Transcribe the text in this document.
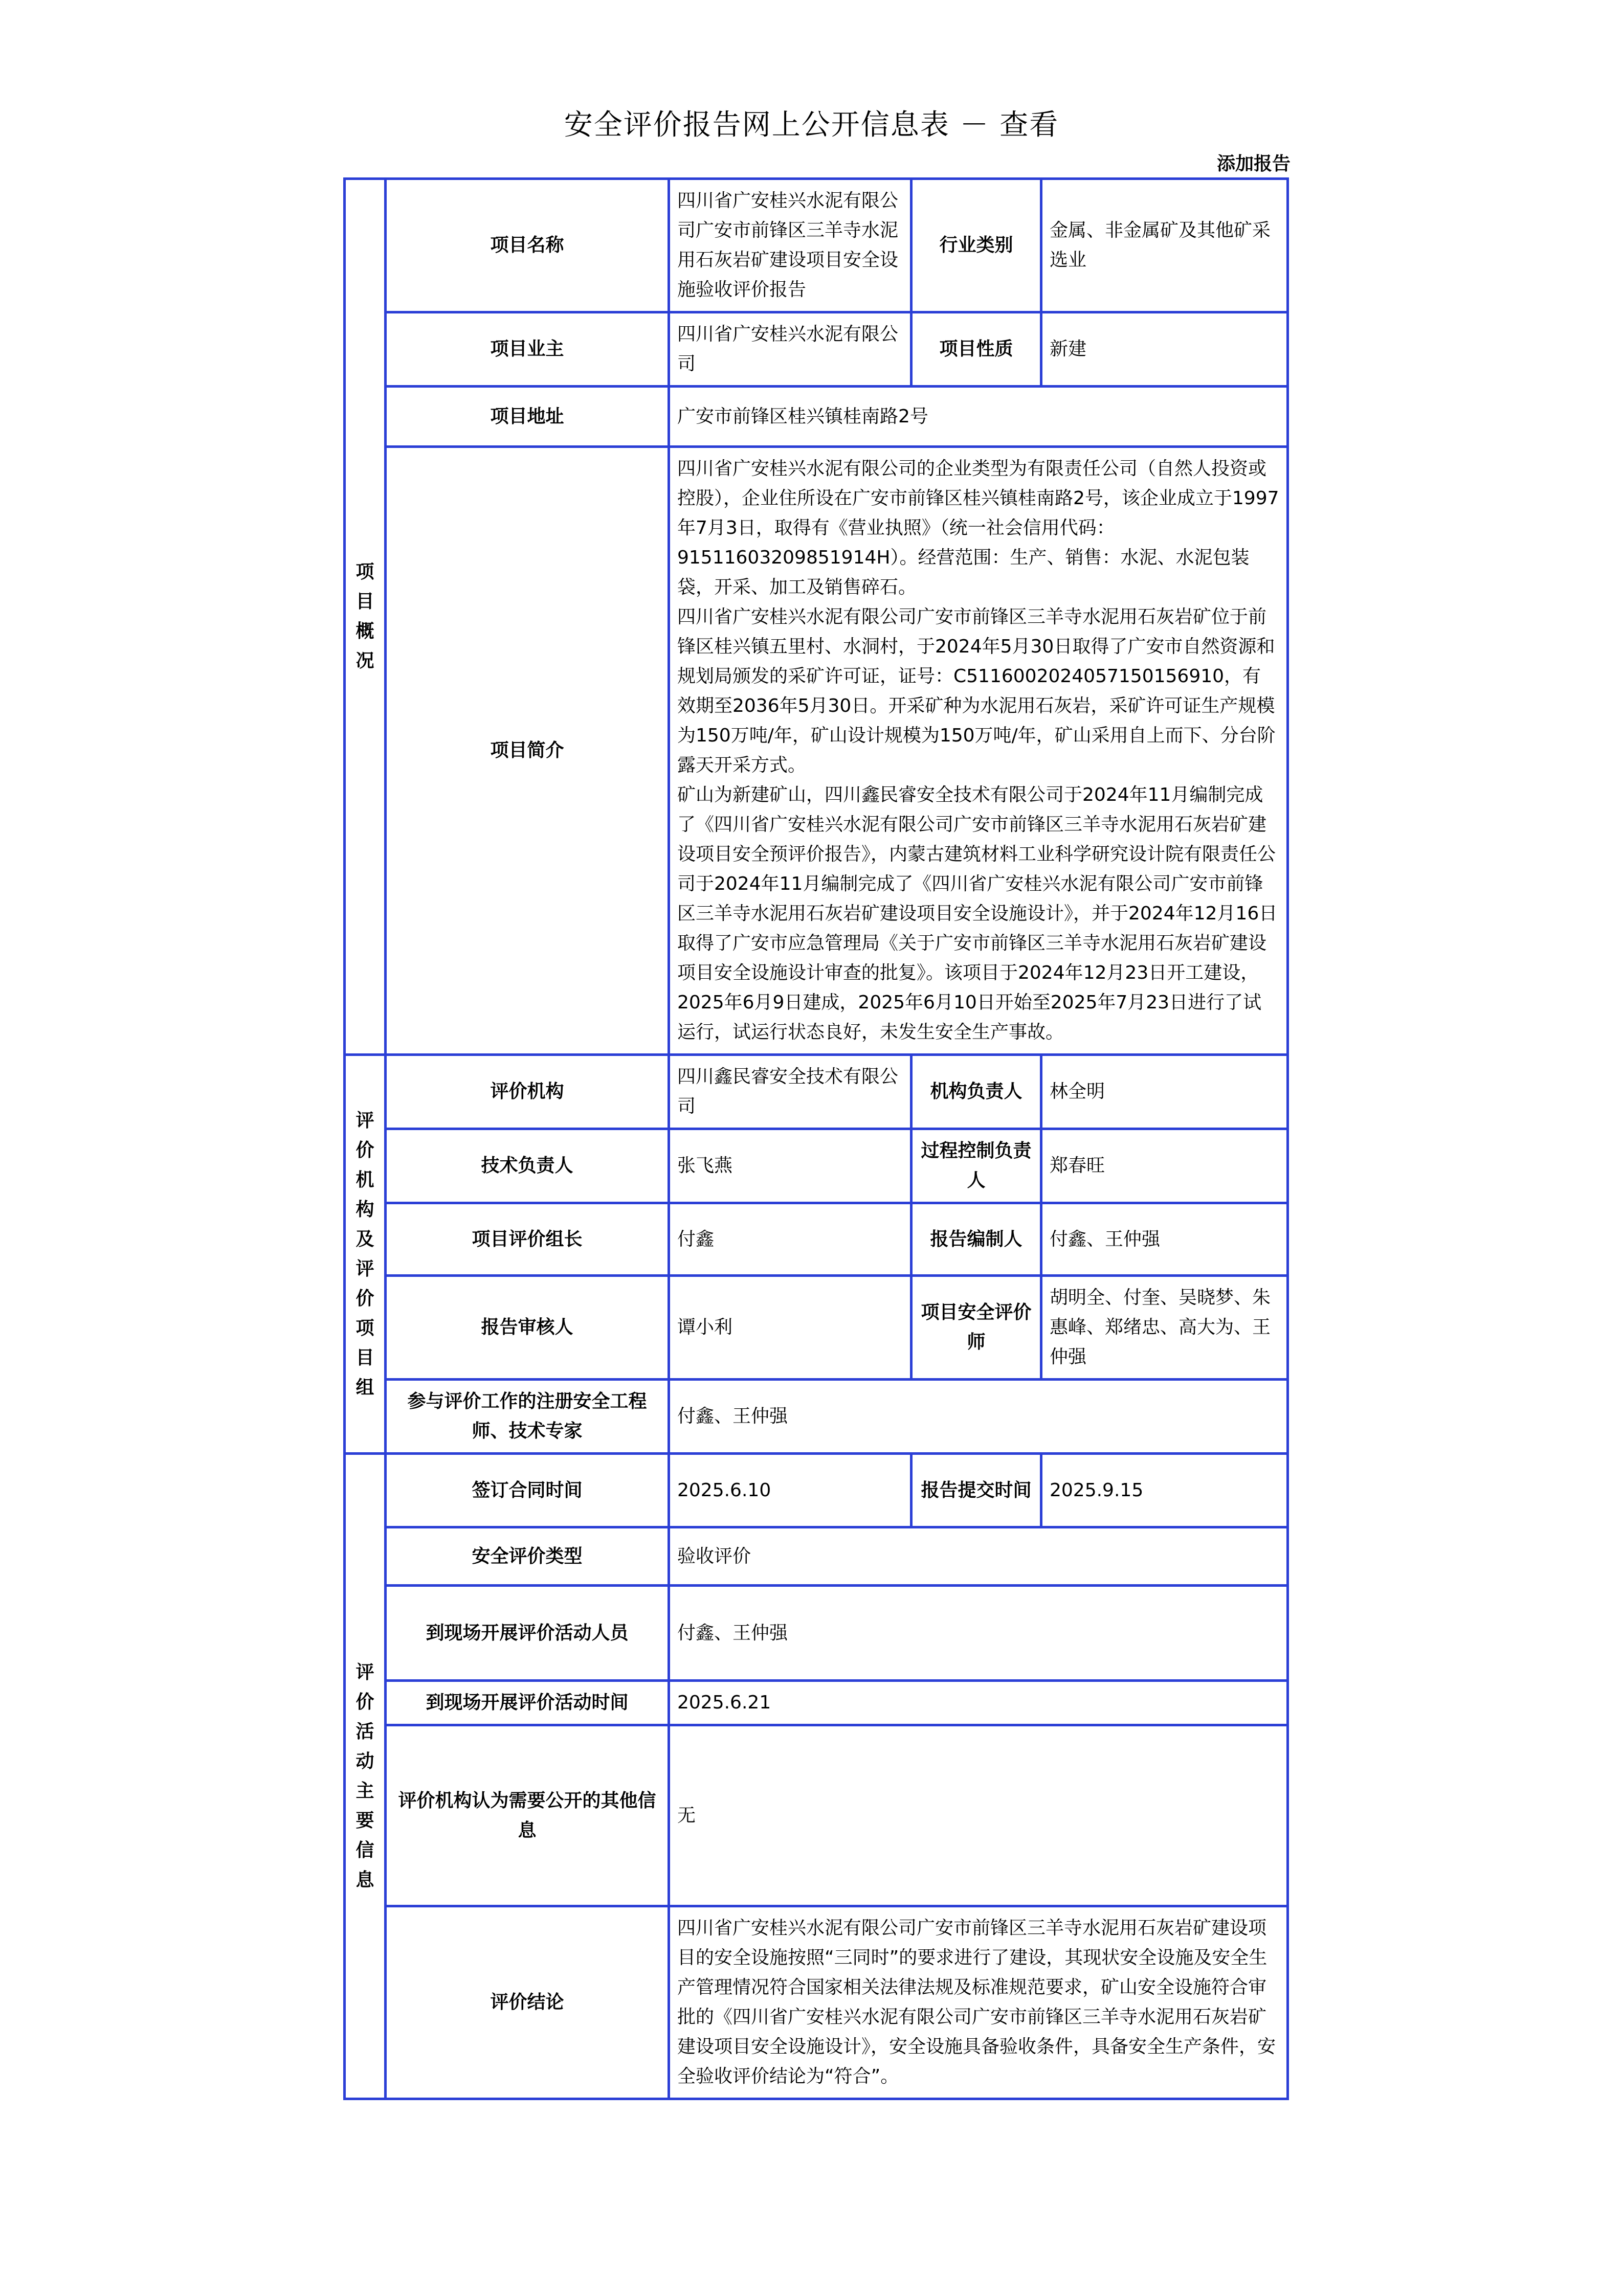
安全评价报告网上公开信息表 － 查看
添加报告
项目概况	项目名称	四川省广安桂兴水泥有限公司广安市前锋区三羊寺水泥用石灰岩矿建设项目安全设施验收评价报告	行业类别	金属、非金属矿及其他矿采选业
	项目业主	四川省广安桂兴水泥有限公司	项目性质	新建
	项目地址	广安市前锋区桂兴镇桂南路2号		
	项目简介	四川省广安桂兴水泥有限公司的企业类型为有限责任公司（自然人投资或控股），企业住所设在广安市前锋区桂兴镇桂南路2号，该企业成立于1997年7月3日，取得有《营业执照》（统一社会信用代码：91511603209851914H）。经营范围：生产、销售：水泥、水泥包装袋，开采、加工及销售碎石。
四川省广安桂兴水泥有限公司广安市前锋区三羊寺水泥用石灰岩矿位于前锋区桂兴镇五里村、水洞村，于2024年5月30日取得了广安市自然资源和规划局颁发的采矿许可证，证号：C5116002024057150156910，有效期至2036年5月30日。开采矿种为水泥用石灰岩，采矿许可证生产规模为150万吨/年，矿山设计规模为150万吨/年，矿山采用自上而下、分台阶露天开采方式。
矿山为新建矿山，四川鑫民睿安全技术有限公司于2024年11月编制完成了《四川省广安桂兴水泥有限公司广安市前锋区三羊寺水泥用石灰岩矿建设项目安全预评价报告》，内蒙古建筑材料工业科学研究设计院有限责任公司于2024年11月编制完成了《四川省广安桂兴水泥有限公司广安市前锋区三羊寺水泥用石灰岩矿建设项目安全设施设计》，并于2024年12月16日取得了广安市应急管理局《关于广安市前锋区三羊寺水泥用石灰岩矿建设项目安全设施设计审查的批复》。该项目于2024年12月23日开工建设，2025年6月9日建成，2025年6月10日开始至2025年7月23日进行了试运行，试运行状态良好，未发生安全生产事故。		

评价机构及评价项目组	评价机构	四川鑫民睿安全技术有限公司	机构负责人	林全明
	技术负责人	张飞燕	过程控制负责人	郑春旺
	项目评价组长	付鑫	报告编制人	付鑫、王仲强
	报告审核人	谭小利	项目安全评价师	胡明全、付奎、吴晓梦、朱惠峰、郑绪忠、高大为、王仲强
	参与评价工作的注册安全工程师、技术专家	付鑫、王仲强		
评价活动主要信息	签订合同时间	2025.6.10	报告提交时间	2025.9.15
	安全评价类型	验收评价		
	到现场开展评价活动人员	付鑫、王仲强		
	到现场开展评价活动时间	2025.6.21		
	评价机构认为需要公开的其他信息	无		
	评价结论	四川省广安桂兴水泥有限公司广安市前锋区三羊寺水泥用石灰岩矿建设项目的安全设施按照“三同时”的要求进行了建设，其现状安全设施及安全生产管理情况符合国家相关法律法规及标准规范要求，矿山安全设施符合审批的《四川省广安桂兴水泥有限公司广安市前锋区三羊寺水泥用石灰岩矿建设项目安全设施设计》，安全设施具备验收条件，具备安全生产条件，安全验收评价结论为“符合”。		
